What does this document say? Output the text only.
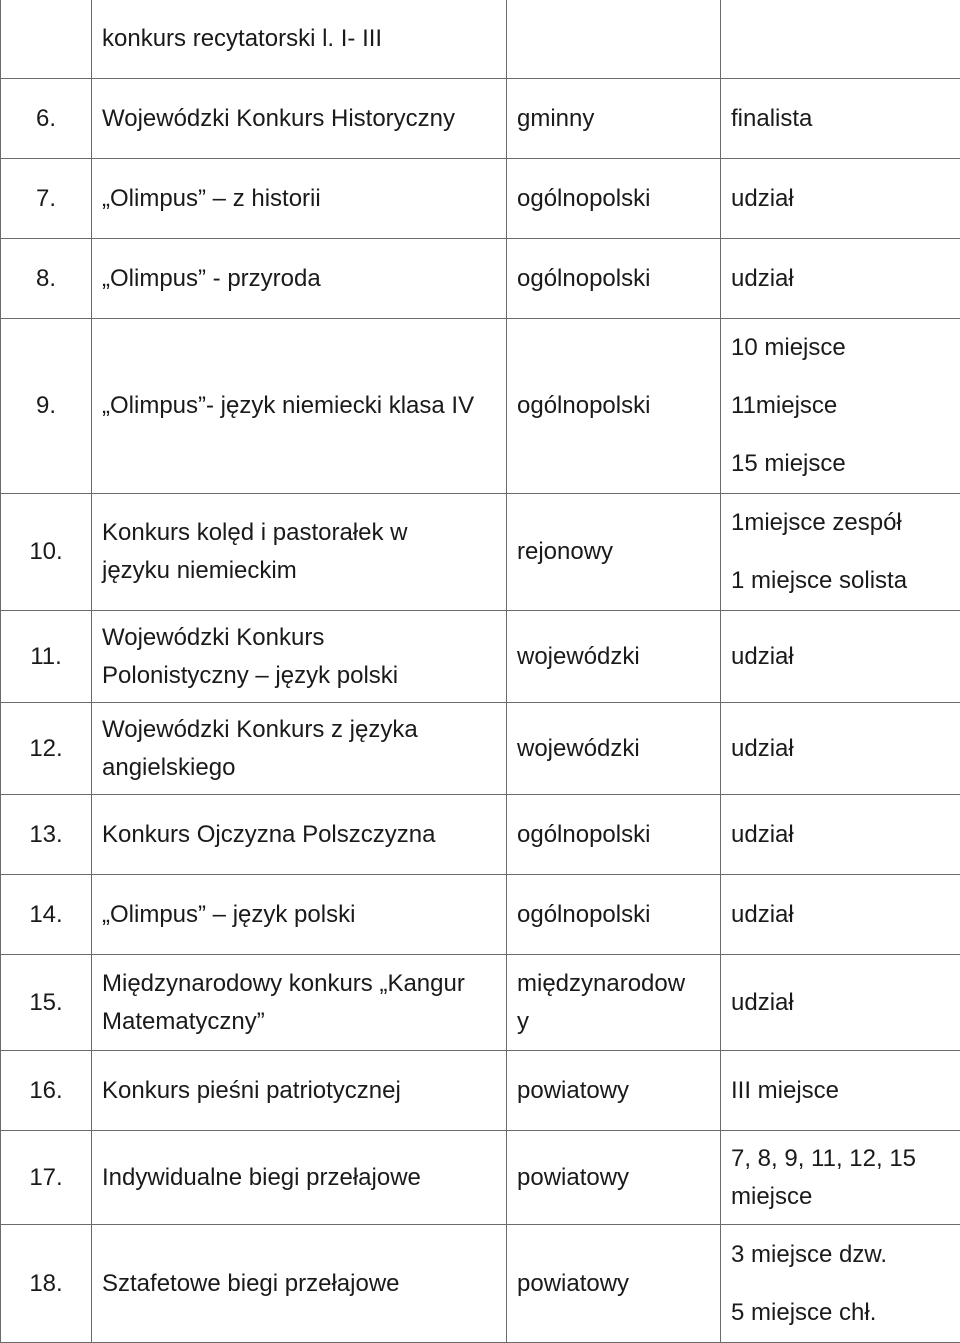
	konkurs recytatorski l. I- III		

6.	Wojewódzki Konkurs Historyczny	gminny	finalista

7.	„Olimpus” – z historii	ogólnopolski	udział

8.	„Olimpus” - przyroda	ogólnopolski	udział

9.	„Olimpus”- język niemiecki klasa IV	ogólnopolski	10 miejsce
11miejsce
15 miejsce

10.	Konkurs kolęd i pastorałek w
języku niemieckim	rejonowy	1miejsce zespół
1 miejsce solista

11.	Wojewódzki Konkurs
Polonistyczny – język polski	wojewódzki	udział

12.	Wojewódzki Konkurs z języka
angielskiego	wojewódzki	udział

13.	Konkurs Ojczyzna Polszczyzna	ogólnopolski	udział

14.	„Olimpus” – język polski	ogólnopolski	udział

15.	Międzynarodowy konkurs „Kangur
Matematyczny”	międzynarodow
y	udział

16.	Konkurs pieśni patriotycznej	powiatowy	III miejsce

17.	Indywidualne biegi przełajowe	powiatowy	7, 8, 9, 11, 12, 15
miejsce

18.	Sztafetowe biegi przełajowe	powiatowy	3 miejsce dzw.
5 miejsce chł.
